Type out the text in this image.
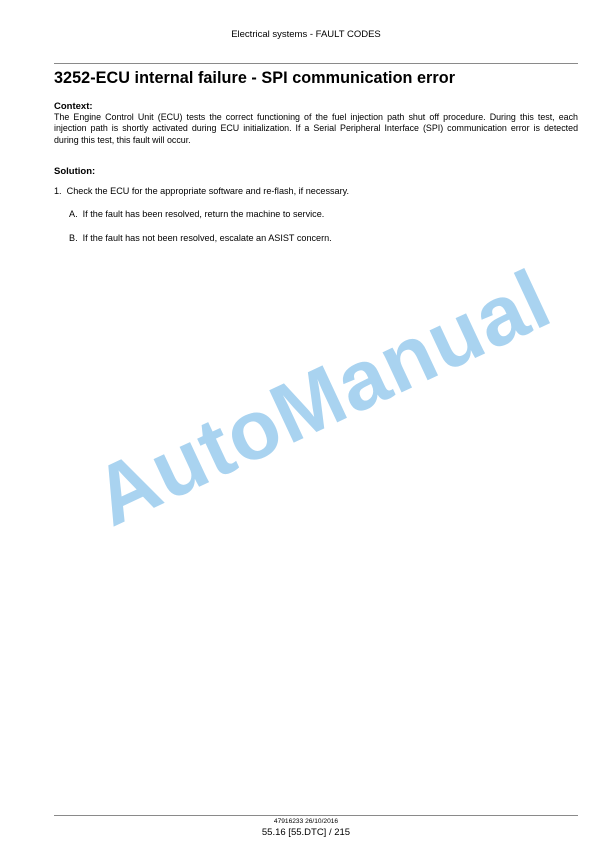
Electrical systems - FAULT CODES
3252-ECU internal failure - SPI communication error
Context:

The Engine Control Unit (ECU) tests the correct functioning of the fuel injection path shut off procedure. During this test, each injection path is shortly activated during ECU initialization. If a Serial Peripheral Interface (SPI) communication error is detected during this test, this fault will occur.

Solution:
1. Check the ECU for the appropriate software and re-flash, if necessary.
A. If the fault has been resolved, return the machine to service.
B. If the fault has not been resolved, escalate an ASIST concern.
AutoManual
47916233 26/10/2016
55.16 [55.DTC] / 215
